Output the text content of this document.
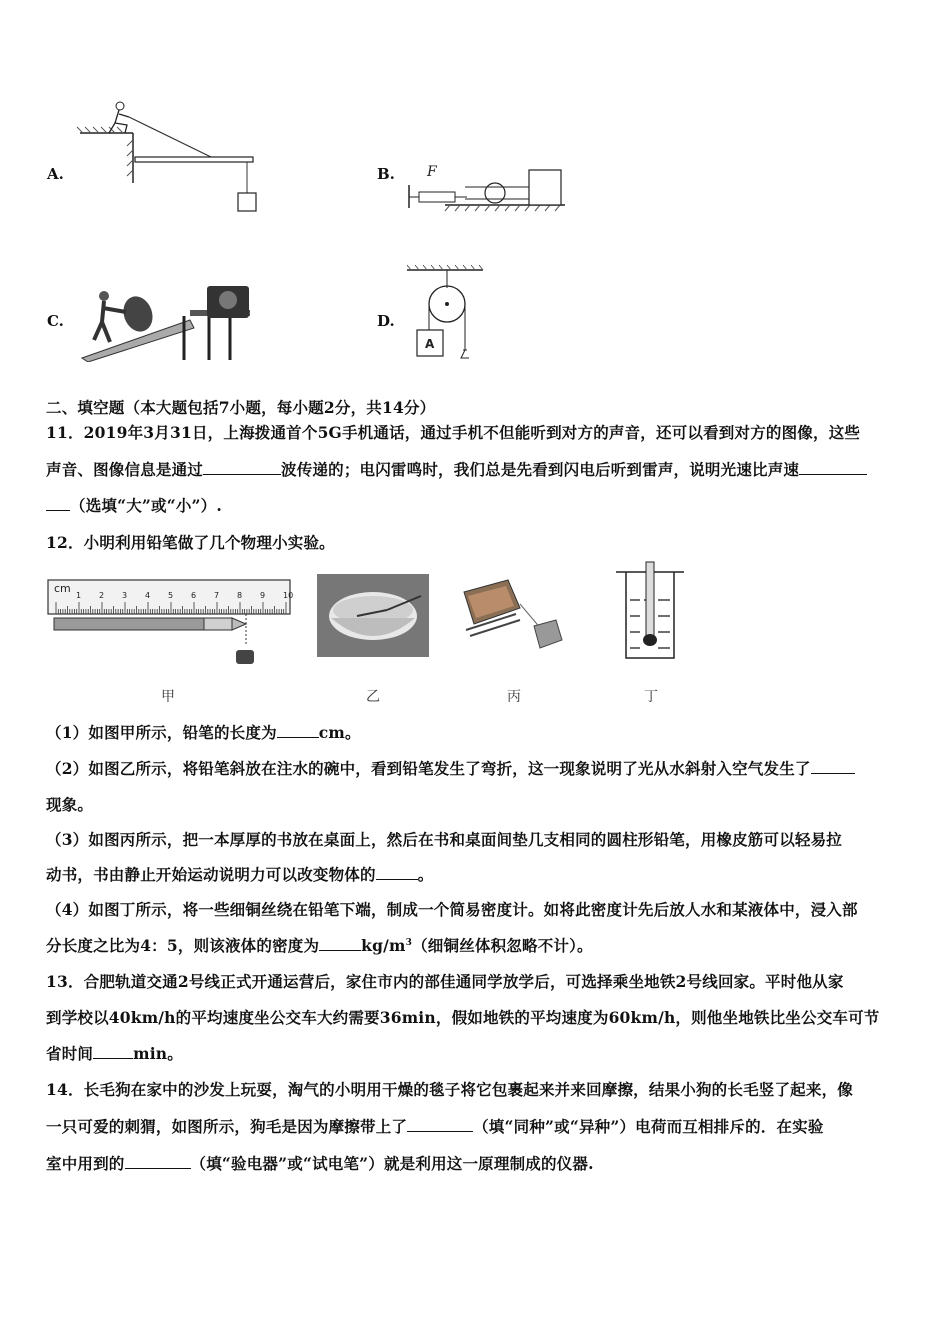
A.	B.
C.	D.
F
A
二、填空题（本大题包括7小题，每小题2分，共14分）
11．2019年3月31日，上海拨通首个5G手机通话，通过手机不但能听到对方的声音，还可以看到对方的图像，这些
声音、图像信息是通过	波传递的；电闪雷鸣时，我们总是先看到闪电后听到雷声，说明光速比声速
（选填“大”或“小”）.
12．小明利用铅笔做了几个物理小实验。
cm
1 2 3 4 5 6 7 8 9 10
甲	乙	丙	丁
（1）如图甲所示，铅笔的长度为	cm。
（2）如图乙所示，将铅笔斜放在注水的碗中，看到铅笔发生了弯折，这一现象说明了光从水斜射入空气发生了
现象。
（3）如图丙所示，把一本厚厚的书放在桌面上，然后在书和桌面间垫几支相同的圆柱形铅笔，用橡皮筋可以轻易拉
动书，书由静止开始运动说明力可以改变物体的	。
（4）如图丁所示，将一些细铜丝绕在铅笔下端，制成一个简易密度计。如将此密度计先后放人水和某液体中，浸入部
分长度之比为4：5，则该液体的密度为	$kg/m^3$（细铜丝体积忽略不计）。
13．合肥轨道交通2号线正式开通运营后，家住市内的部佳通同学放学后，可选择乘坐地铁2号线回家。平时他从家
到学校以40km/h的平均速度坐公交车大约需要36min，假如地铁的平均速度为60km/h，则他坐地铁比坐公交车可节
省时间	min。
14．长毛狗在家中的沙发上玩耍，淘气的小明用干燥的毯子将它包裹起来并来回摩擦，结果小狗的长毛竖了起来，像
一只可爱的刺猬，如图所示，狗毛是因为摩擦带上了	（填“同种”或“异种”）电荷而互相排斥的．在实验
室中用到的	（填“验电器”或“试电笔”）就是利用这一原理制成的仪器.
